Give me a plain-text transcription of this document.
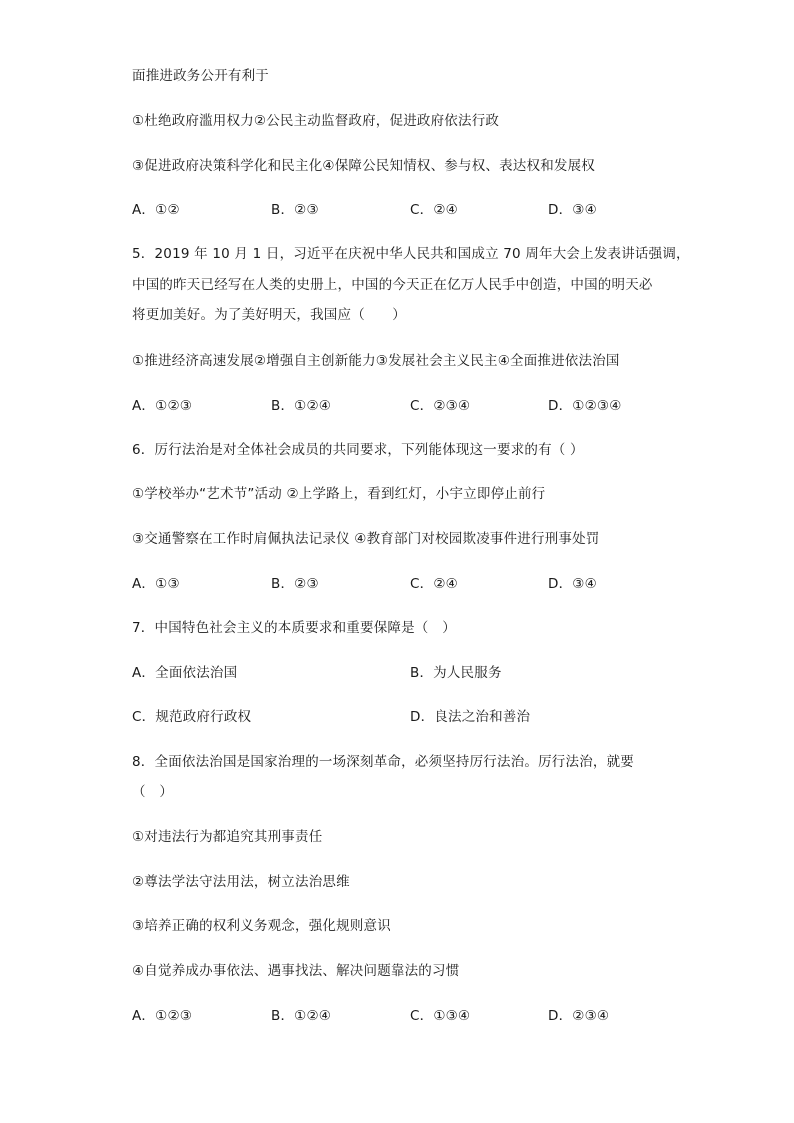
面推进政务公开有利于
①杜绝政府滥用权力②公民主动监督政府，促进政府依法行政
③促进政府决策科学化和民主化④保障公民知情权、参与权、表达权和发展权
A．①②	B．②③	C．②④	D．③④
5．2019 年 10 月 1 日，习近平在庆祝中华人民共和国成立 70 周年大会上发表讲话强调，
中国的昨天已经写在人类的史册上，中国的今天正在亿万人民手中创造，中国的明天必
将更加美好。为了美好明天，我国应（　　）
①推进经济高速发展②增强自主创新能力③发展社会主义民主④全面推进依法治国
A．①②③	B．①②④	C．②③④	D．①②③④
6．厉行法治是对全体社会成员的共同要求，下列能体现这一要求的有（ ）
①学校举办“艺术节”活动 ②上学路上，看到红灯，小宇立即停止前行
③交通警察在工作时肩佩执法记录仪 ④教育部门对校园欺凌事件进行刑事处罚
A．①③	B．②③	C．②④	D．③④
7．中国特色社会主义的本质要求和重要保障是（　）
A．全面依法治国	B．为人民服务
C．规范政府行政权	D．良法之治和善治
8．全面依法治国是国家治理的一场深刻革命，必须坚持厉行法治。厉行法治，就要
（　）
①对违法行为都追究其刑事责任
②尊法学法守法用法，树立法治思维
③培养正确的权利义务观念，强化规则意识
④自觉养成办事依法、遇事找法、解决问题靠法的习惯
A．①②③	B．①②④	C．①③④	D．②③④
